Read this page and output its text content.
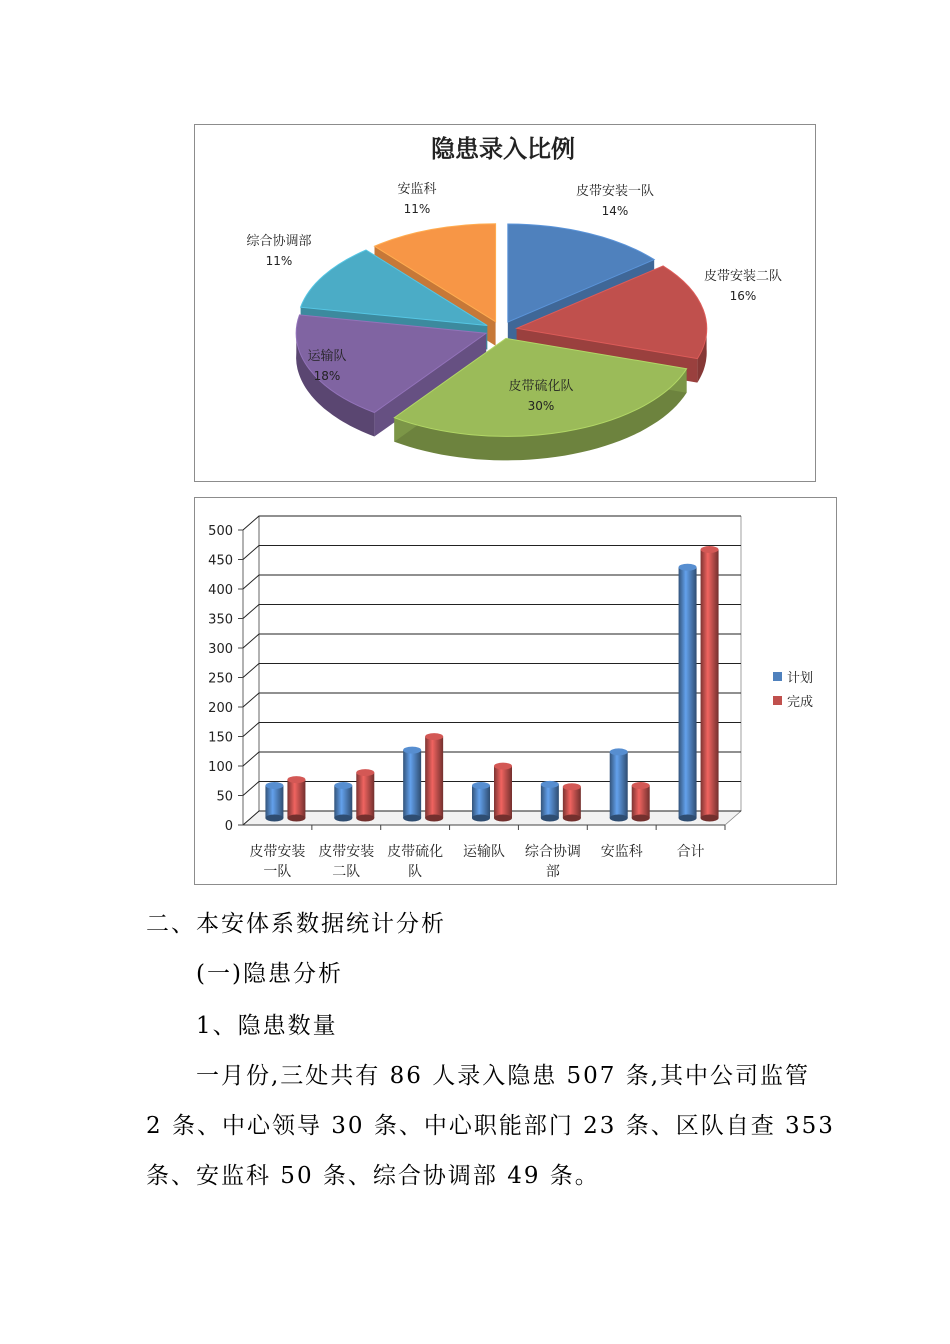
隐患录入比例
皮带安装一队
14%
皮带安装二队
16%
皮带硫化队
30%
运输队
18%
综合协调部
11%
安监科
11%
0
50
100
150
200
250
300
350
400
450
500
皮带安装
一队
皮带安装
二队
皮带硫化
队
运输队 综合协调
部
安监科 合计
计划
完成
二、本安体系数据统计分析
(一)隐患分析
1、隐患数量
一月份,三处共有 86 人录入隐患 507 条,其中公司监管
2 条、中心领导 30 条、中心职能部门 23 条、区队自查 353
条、安监科 50 条、综合协调部 49 条。
